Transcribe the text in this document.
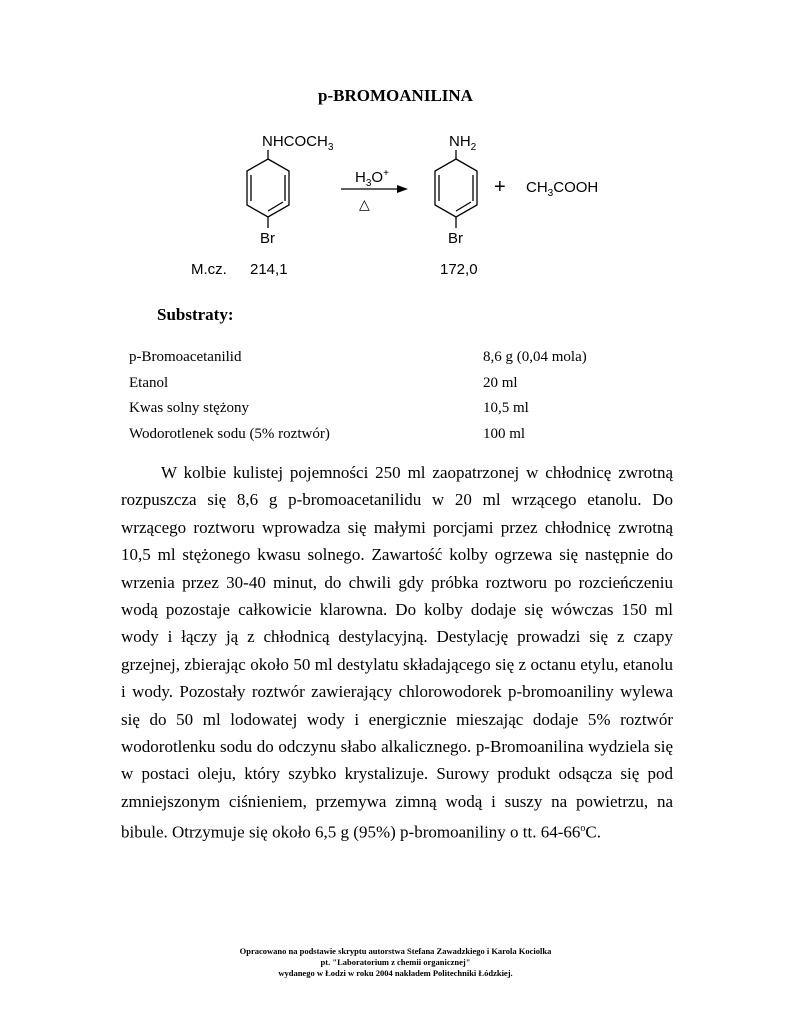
p-BROMOANILINA
$NHCOCH_3$
Br
$H_3O^+$
△
$NH_2$
Br
+ $CH_3COOH$
M.cz. 214,1	172,0
Substraty:
p-Bromoacetanilid	8,6 g (0,04 mola)
Etanol	20 ml
Kwas solny stężony	10,5 ml
Wodorotlenek sodu (5% roztwór)	100 ml

W kolbie kulistej pojemności 250 ml zaopatrzonej w chłodnicę zwrotną rozpuszcza się 8,6 g p-bromoacetanilidu w 20 ml wrzącego etanolu. Do wrzącego roztworu wprowadza się małymi porcjami przez chłodnicę zwrotną 10,5 ml stężonego kwasu solnego. Zawartość kolby ogrzewa się następnie do wrzenia przez 30-40 minut, do chwili gdy próbka roztworu po rozcieńczeniu wodą pozostaje całkowicie klarowna. Do kolby dodaje się wówczas 150 ml wody i łączy ją z chłodnicą destylacyjną. Destylację prowadzi się z czapy grzejnej, zbierając około 50 ml destylatu składającego się z octanu etylu, etanolu i wody. Pozostały roztwór zawierający chlorowodorek p-bromoaniliny wylewa się do 50 ml lodowatej wody i energicznie mieszając dodaje 5% roztwór wodorotlenku sodu do odczynu słabo alkalicznego. p-Bromoanilina wydziela się w postaci oleju, który szybko krystalizuje. Surowy produkt odsącza się pod zmniejszonym ciśnieniem, przemywa zimną wodą i suszy na powietrzu, na bibule. Otrzymuje się około 6,5 g (95%) p-bromoaniliny o tt. 64-66$^o$C.

Opracowano na podstawie skryptu autorstwa Stefana Zawadzkiego i Karola Kociolka
pt. "Laboratorium z chemii organicznej"
wydanego w Łodzi w roku 2004 nakładem Politechniki Łódzkiej.
